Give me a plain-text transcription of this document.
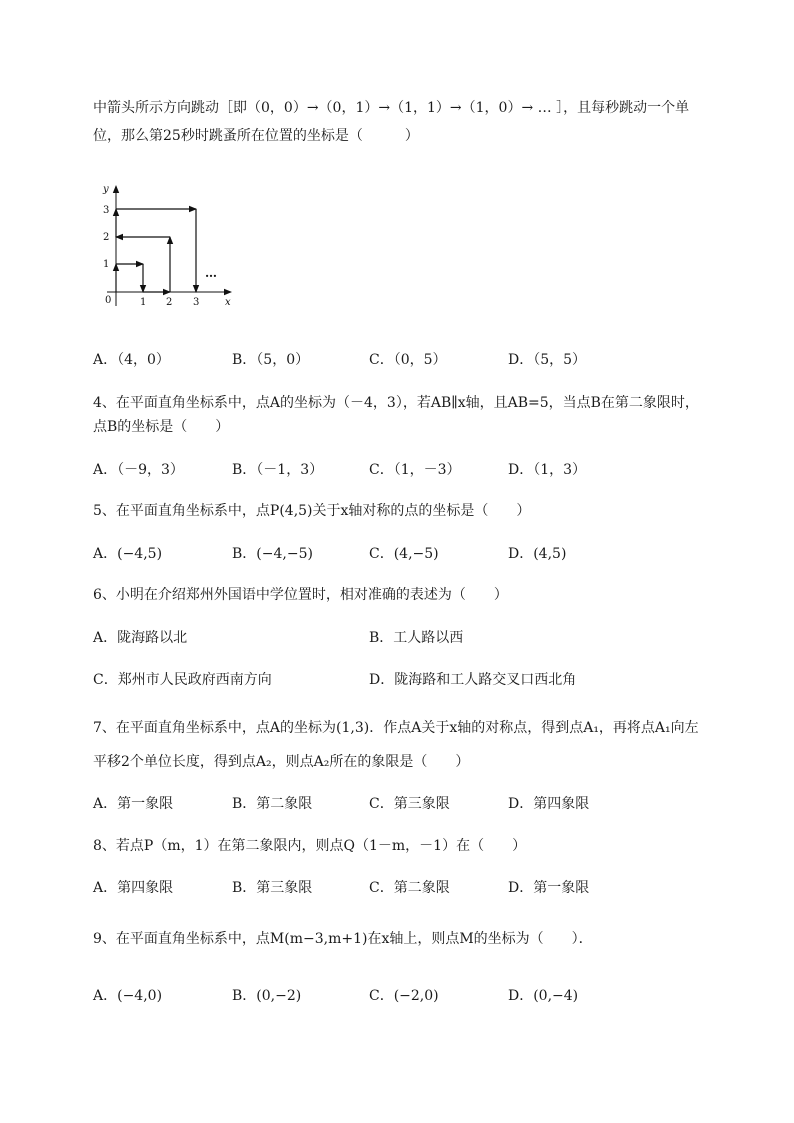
中箭头所示方向跳动［即（0，0）→（0，1）→（1，1）→（1，0）→ … ］，且每秒跳动一个单
位，那么第25秒时跳蚤所在位置的坐标是（　　　）
y
x
0
1
2
3
1 2 3
…
A．（4，0）	B．（5，0）	C．（0，5）	D．（5，5）
4、在平面直角坐标系中，点A的坐标为（－4，3），若AB∥x轴，且AB=5，当点B在第二象限时，
点B的坐标是（　　）
A．（－9，3）	B．（－1，3）	C．（1，－3）	D．（1，3）
5、在平面直角坐标系中，点P(4,5)关于x轴对称的点的坐标是（　　）
A．(−4,5)	B．(−4,−5)	C．(4,−5)	D．(4,5)
6、小明在介绍郑州外国语中学位置时，相对准确的表述为（　　）
A．陇海路以北	B．工人路以西
C．郑州市人民政府西南方向	D．陇海路和工人路交叉口西北角
7、在平面直角坐标系中，点A的坐标为(1,3)．作点A关于x轴的对称点，得到点A₁，再将点A₁向左
平移2个单位长度，得到点A₂，则点A₂所在的象限是（　　）
A．第一象限	B．第二象限	C．第三象限	D．第四象限
8、若点P（m，1）在第二象限内，则点Q（1－m，－1）在（　　）
A．第四象限	B．第三象限	C．第二象限	D．第一象限
9、在平面直角坐标系中，点M(m−3,m+1)在x轴上，则点M的坐标为（　　）．
A．(−4,0)	B．(0,−2)	C．(−2,0)	D．(0,−4)
